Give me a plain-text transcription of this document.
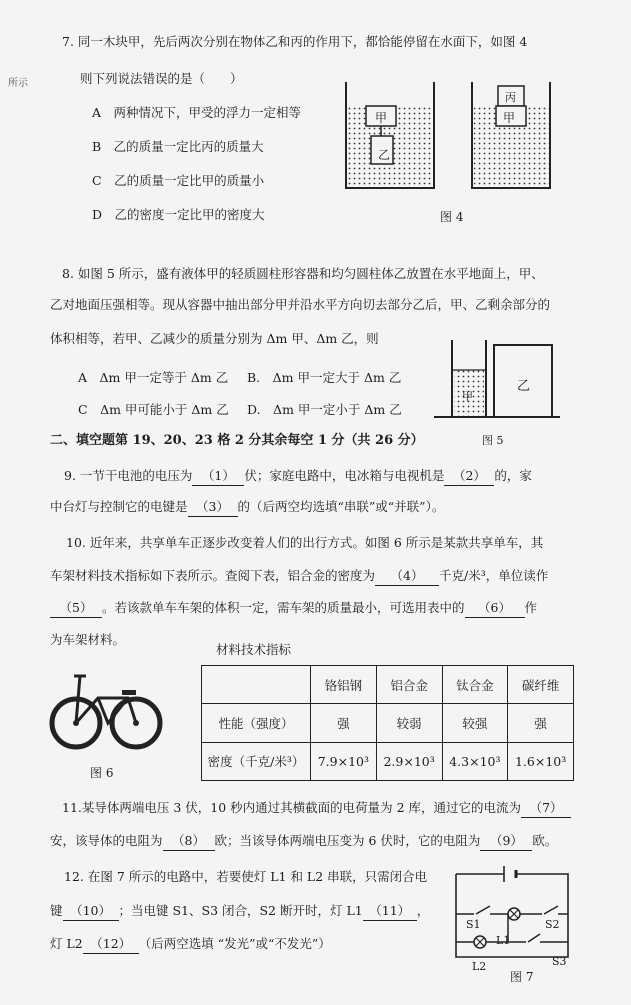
所示
7. 同一木块甲，先后两次分别在物体乙和丙的作用下，都恰能停留在水面下，如图 4
则下列说法错误的是（　　）
A　两种情况下，甲受的浮力一定相等
B　乙的质量一定比丙的质量大
C　乙的质量一定比甲的质量小
D　乙的密度一定比甲的密度大
甲
乙
丙
甲
图 4
8. 如图 5 所示，盛有液体甲的轻质圆柱形容器和均匀圆柱体乙放置在水平地面上，甲、
乙对地面压强相等。现从容器中抽出部分甲并沿水平方向切去部分乙后，甲、乙剩余部分的
体积相等，若甲、乙减少的质量分别为 Δm 甲、Δm 乙，则
A　Δm 甲一定等于 Δm 乙 B.　Δm 甲一定大于 Δm 乙
C　Δm 甲可能小于 Δm 乙 D.　Δm 甲一定小于 Δm 乙
甲
乙
图 5
二、填空题第 19、20、23 格 2 分其余每空 1 分（共 26 分）
9. 一节干电池的电压为 （1） 伏；家庭电路中，电冰箱与电视机是 （2） 的，家
中台灯与控制它的电键是 （3） 的（后两空均选填“串联”或“并联”）。
10. 近年来，共享单车正逐步改变着人们的出行方式。如图 6 所示是某款共享单车，其
车架材料技术指标如下表所示。查阅下表，铝合金的密度为 （4） 千克/米³，单位读作
（5） 。若该款单车车架的体积一定，需车架的质量最小，可选用表中的 （6） 作
为车架材料。
材料技术指标
	铬铝钢	铝合金	钛合金	碳纤维
性能（强度）	强	较弱	较强	强
密度（千克/米³）	7.9×10³	2.9×10³	4.3×10³	1.6×10³
图 6
11.某导体两端电压 3 伏，10 秒内通过其横截面的电荷量为 2 库，通过它的电流为 （7）
安，该导体的电阻为 （8） 欧；当该导体两端电压变为 6 伏时，它的电阻为 （9） 欧。
12. 在图 7 所示的电路中，若要使灯 L1 和 L2 串联，只需闭合电
键 （10） ；当电键 S1、S3 闭合，S2 断开时，灯 L1 （11） ，
灯 L2 （12） （后两空选填 “发光”或“不发光”）
S1	S2
L1
L2	S3
图 7
